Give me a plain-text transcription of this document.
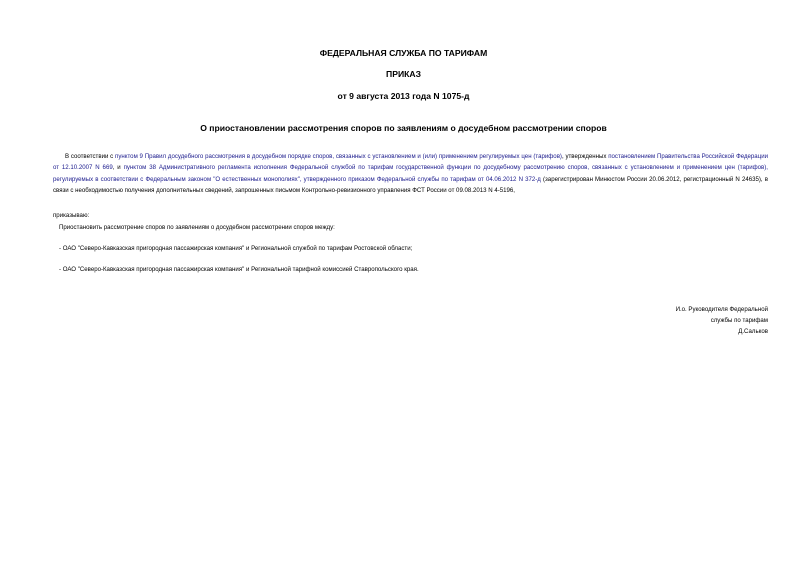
ФЕДЕРАЛЬНАЯ СЛУЖБА ПО ТАРИФАМ
ПРИКАЗ
от 9 августа 2013 года N 1075-д
О приостановлении рассмотрения споров по заявлениям о досудебном рассмотрении споров
В соответствии с пунктом 9 Правил досудебного рассмотрения в досудебном порядке споров, связанных с установлением и (или) применением регулируемых цен (тарифов), утвержденных постановлением Правительства Российской Федерации от 12.10.2007 N 669, и пунктом 38 Административного регламента исполнения Федеральной службой по тарифам государственной функции по досудебному рассмотрению споров, связанных с установлением и применением цен (тарифов), регулируемых в соответствии с Федеральным законом "О естественных монополиях", утвержденного приказом Федеральной службы по тарифам от 04.06.2012 N 372-д (зарегистрирован Минюстом России 20.06.2012, регистрационный N 24635), в связи с необходимостью получения дополнительных сведений, запрошенных письмом Контрольно-ревизионного управления ФСТ России от 09.08.2013 N 4-5196,
приказываю:
Приостановить рассмотрение споров по заявлениям о досудебном рассмотрении споров между:
- ОАО "Северо-Кавказская пригородная пассажирская компания" и Региональной службой по тарифам Ростовской области;
- ОАО "Северо-Кавказская пригородная пассажирская компания" и Региональной тарифной комиссией Ставропольского края.
И.о. Руководителя Федеральной
службы по тарифам
Д.Сальков
